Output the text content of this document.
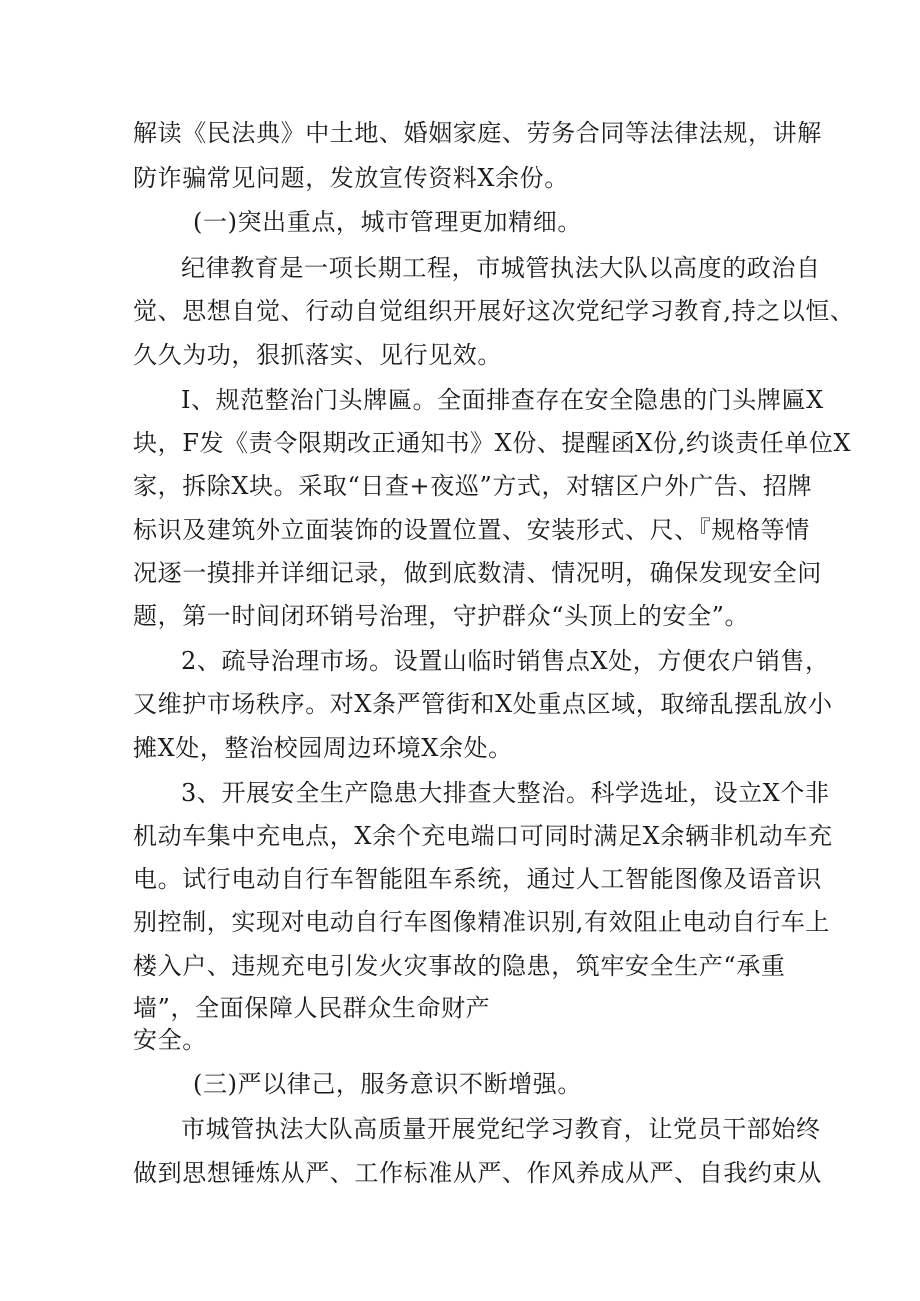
解读《民法典》中土地、婚姻家庭、劳务合同等法律法规，讲解
防诈骗常见问题，发放宣传资料X余份。
(一)突出重点，城市管理更加精细。
纪律教育是一项长期工程，市城管执法大队以高度的政治自
觉、思想自觉、行动自觉组织开展好这次党纪学习教育,持之以恒、
久久为功，狠抓落实、见行见效。
I、规范整治门头牌匾。全面排查存在安全隐患的门头牌匾X
块，F发《责令限期改正通知书》X份、提醒函X份,约谈责任单位X
家，拆除X块。采取“日查+夜巡”方式，对辖区户外广告、招牌
标识及建筑外立面装饰的设置位置、安装形式、尺、『规格等情
况逐一摸排并详细记录，做到底数清、情况明，确保发现安全问
题，第一时间闭环销号治理，守护群众“头顶上的安全”。
2、疏导治理市场。设置山临时销售点X处，方便农户销售，
又维护市场秩序。对X条严管街和X处重点区域，取缔乱摆乱放小
摊X处，整治校园周边环境X余处。
3、开展安全生产隐患大排查大整治。科学选址，设立X个非
机动车集中充电点，X余个充电端口可同时满足X余辆非机动车充
电。试行电动自行车智能阻车系统，通过人工智能图像及语音识
别控制，实现对电动自行车图像精准识别,有效阻止电动自行车上
楼入户、违规充电引发火灾事故的隐患，筑牢安全生产“承重
墙”，全面保障人民群众生命财产
安全。
(三)严以律己，服务意识不断增强。
市城管执法大队高质量开展党纪学习教育，让党员干部始终
做到思想锤炼从严、工作标准从严、作风养成从严、自我约束从
